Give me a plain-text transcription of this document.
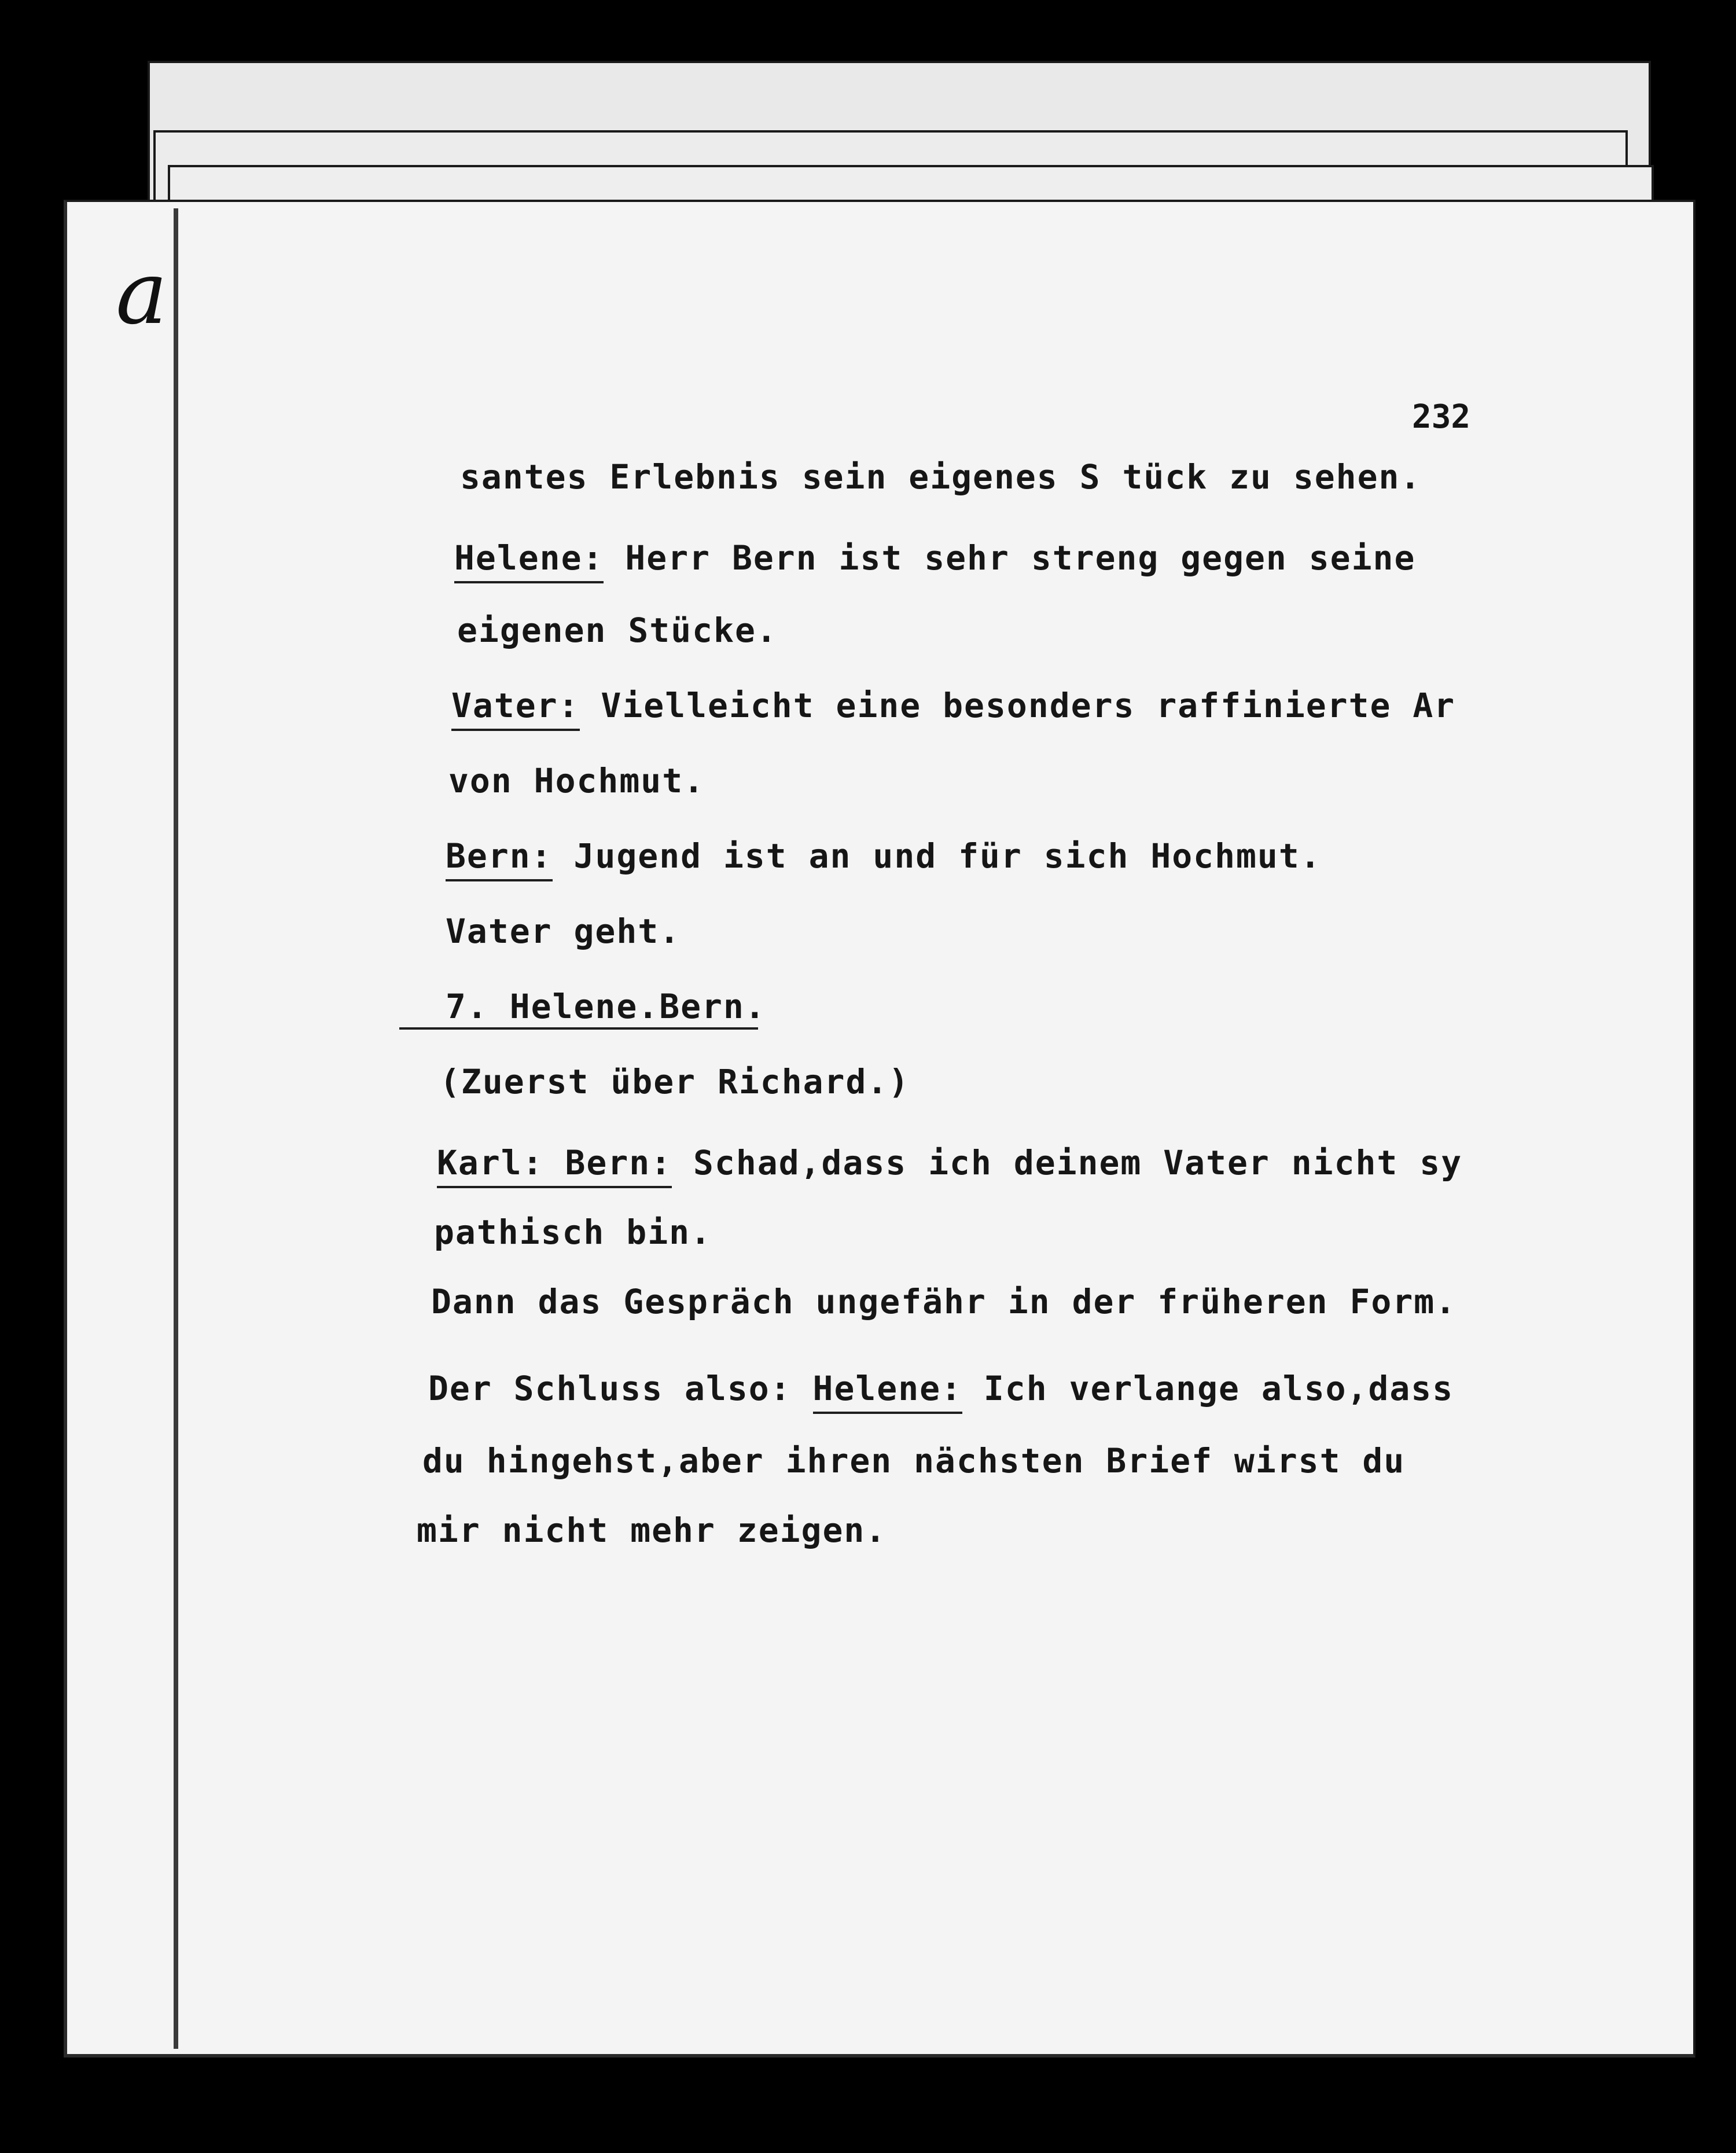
a
232
santes Erlebnis sein eigenes S tück zu sehen.
Helene: Herr Bern ist sehr streng gegen seine
eigenen Stücke.
Vater: Vielleicht eine besonders raffinierte Ar
von Hochmut.
Bern: Jugend ist an und für sich Hochmut.
Vater geht.
7. Helene.Bern.
(Zuerst über Richard.)
Karl: Bern: Schad,dass ich deinem Vater nicht sy
pathisch bin.
Dann das Gespräch ungefähr in der früheren Form.
Der Schluss also: Helene: Ich verlange also,dass
du hingehst,aber ihren nächsten Brief wirst du
mir nicht mehr zeigen.
